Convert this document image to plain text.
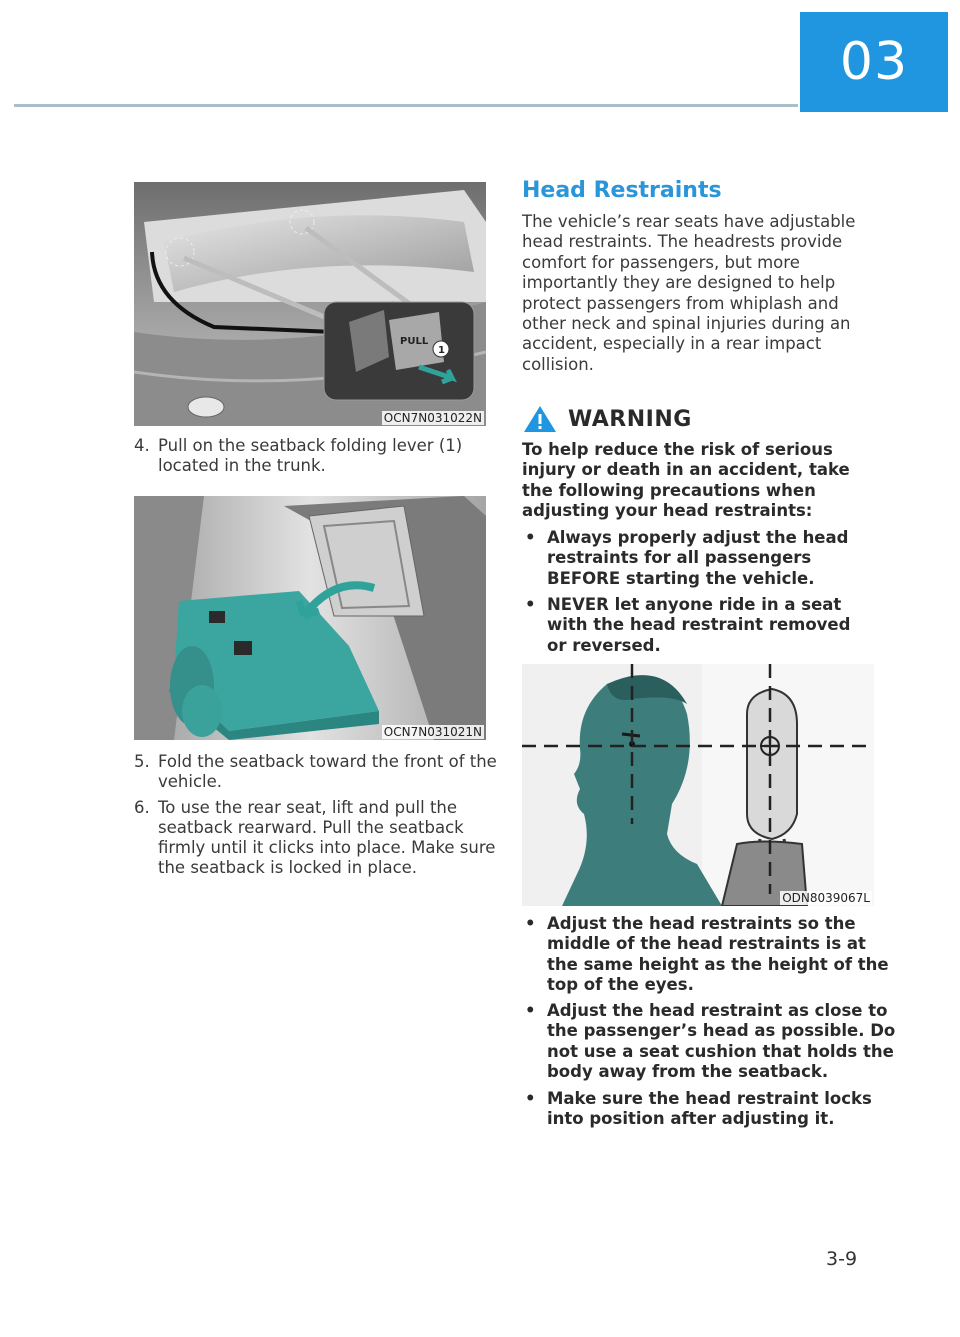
03
PULL
1
OCN7N031022N
4. Pull on the seatback folding lever (1) located in the trunk.
OCN7N031021N
5. Fold the seatback toward the front of the vehicle.
6. To use the rear seat, lift and pull the seatback rearward. Pull the seatback firmly until it clicks into place. Make sure the seatback is locked in place.
Head Restraints
The vehicle’s rear seats have adjustable head restraints. The headrests provide comfort for passengers, but more importantly they are designed to help protect passengers from whiplash and other neck and spinal injuries during an accident, especially in a rear impact collision.
WARNING
To help reduce the risk of serious injury or death in an accident, take the following precautions when adjusting your head restraints:
• Always properly adjust the head restraints for all passengers BEFORE starting the vehicle.
• NEVER let anyone ride in a seat with the head restraint removed or reversed.
ODN8039067L
• Adjust the head restraints so the middle of the head restraints is at the same height as the height of the top of the eyes.
• Adjust the head restraint as close to the passenger’s head as possible. Do not use a seat cushion that holds the body away from the seatback.
• Make sure the head restraint locks into position after adjusting it.
3-9
